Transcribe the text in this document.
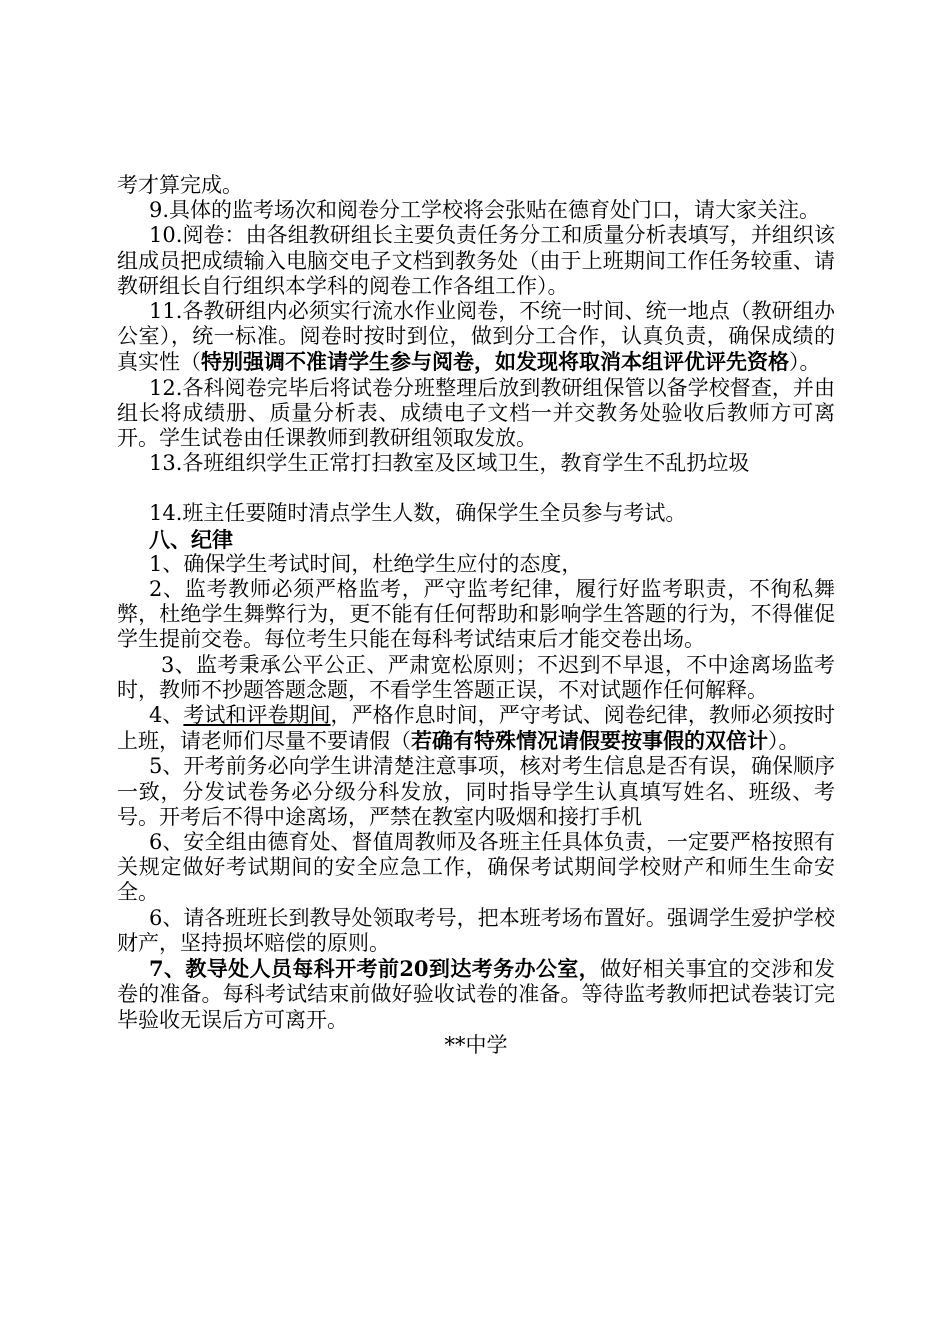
考才算完成。

9.具体的监考场次和阅卷分工学校将会张贴在德育处门口，请大家关注。

10.阅卷：由各组教研组长主要负责任务分工和质量分析表填写，并组织该组成员把成绩输入电脑交电子文档到教务处（由于上班期间工作任务较重、请教研组长自行组织本学科的阅卷工作各组工作）。

11.各教研组内必须实行流水作业阅卷，不统一时间、统一地点（教研组办公室），统一标准。阅卷时按时到位，做到分工合作，认真负责，确保成绩的真实性（特别强调不准请学生参与阅卷，如发现将取消本组评优评先资格）。

12.各科阅卷完毕后将试卷分班整理后放到教研组保管以备学校督查，并由组长将成绩册、质量分析表、成绩电子文档一并交教务处验收后教师方可离开。学生试卷由任课教师到教研组领取发放。

13.各班组织学生正常打扫教室及区域卫生，教育学生不乱扔垃圾

14.班主任要随时清点学生人数，确保学生全员参与考试。

八、纪律

1、确保学生考试时间，杜绝学生应付的态度，

2、监考教师必须严格监考，严守监考纪律，履行好监考职责，不徇私舞弊，杜绝学生舞弊行为，更不能有任何帮助和影响学生答题的行为，不得催促学生提前交卷。每位考生只能在每科考试结束后才能交卷出场。

3、监考秉承公平公正、严肃宽松原则；不迟到不早退，不中途离场监考时，教师不抄题答题念题，不看学生答题正误，不对试题作任何解释。

4、考试和评卷期间，严格作息时间，严守考试、阅卷纪律，教师必须按时上班，请老师们尽量不要请假（若确有特殊情况请假要按事假的双倍计）。

5、开考前务必向学生讲清楚注意事项，核对考生信息是否有误，确保顺序一致，分发试卷务必分级分科发放，同时指导学生认真填写姓名、班级、考号。开考后不得中途离场，严禁在教室内吸烟和接打手机

6、安全组由德育处、督值周教师及各班主任具体负责，一定要严格按照有关规定做好考试期间的安全应急工作，确保考试期间学校财产和师生生命安全。

6、请各班班长到教导处领取考号，把本班考场布置好。强调学生爱护学校财产，坚持损坏赔偿的原则。

7、教导处人员每科开考前20到达考务办公室，做好相关事宜的交涉和发卷的准备。每科考试结束前做好验收试卷的准备。等待监考教师把试卷装订完毕验收无误后方可离开。

**中学
